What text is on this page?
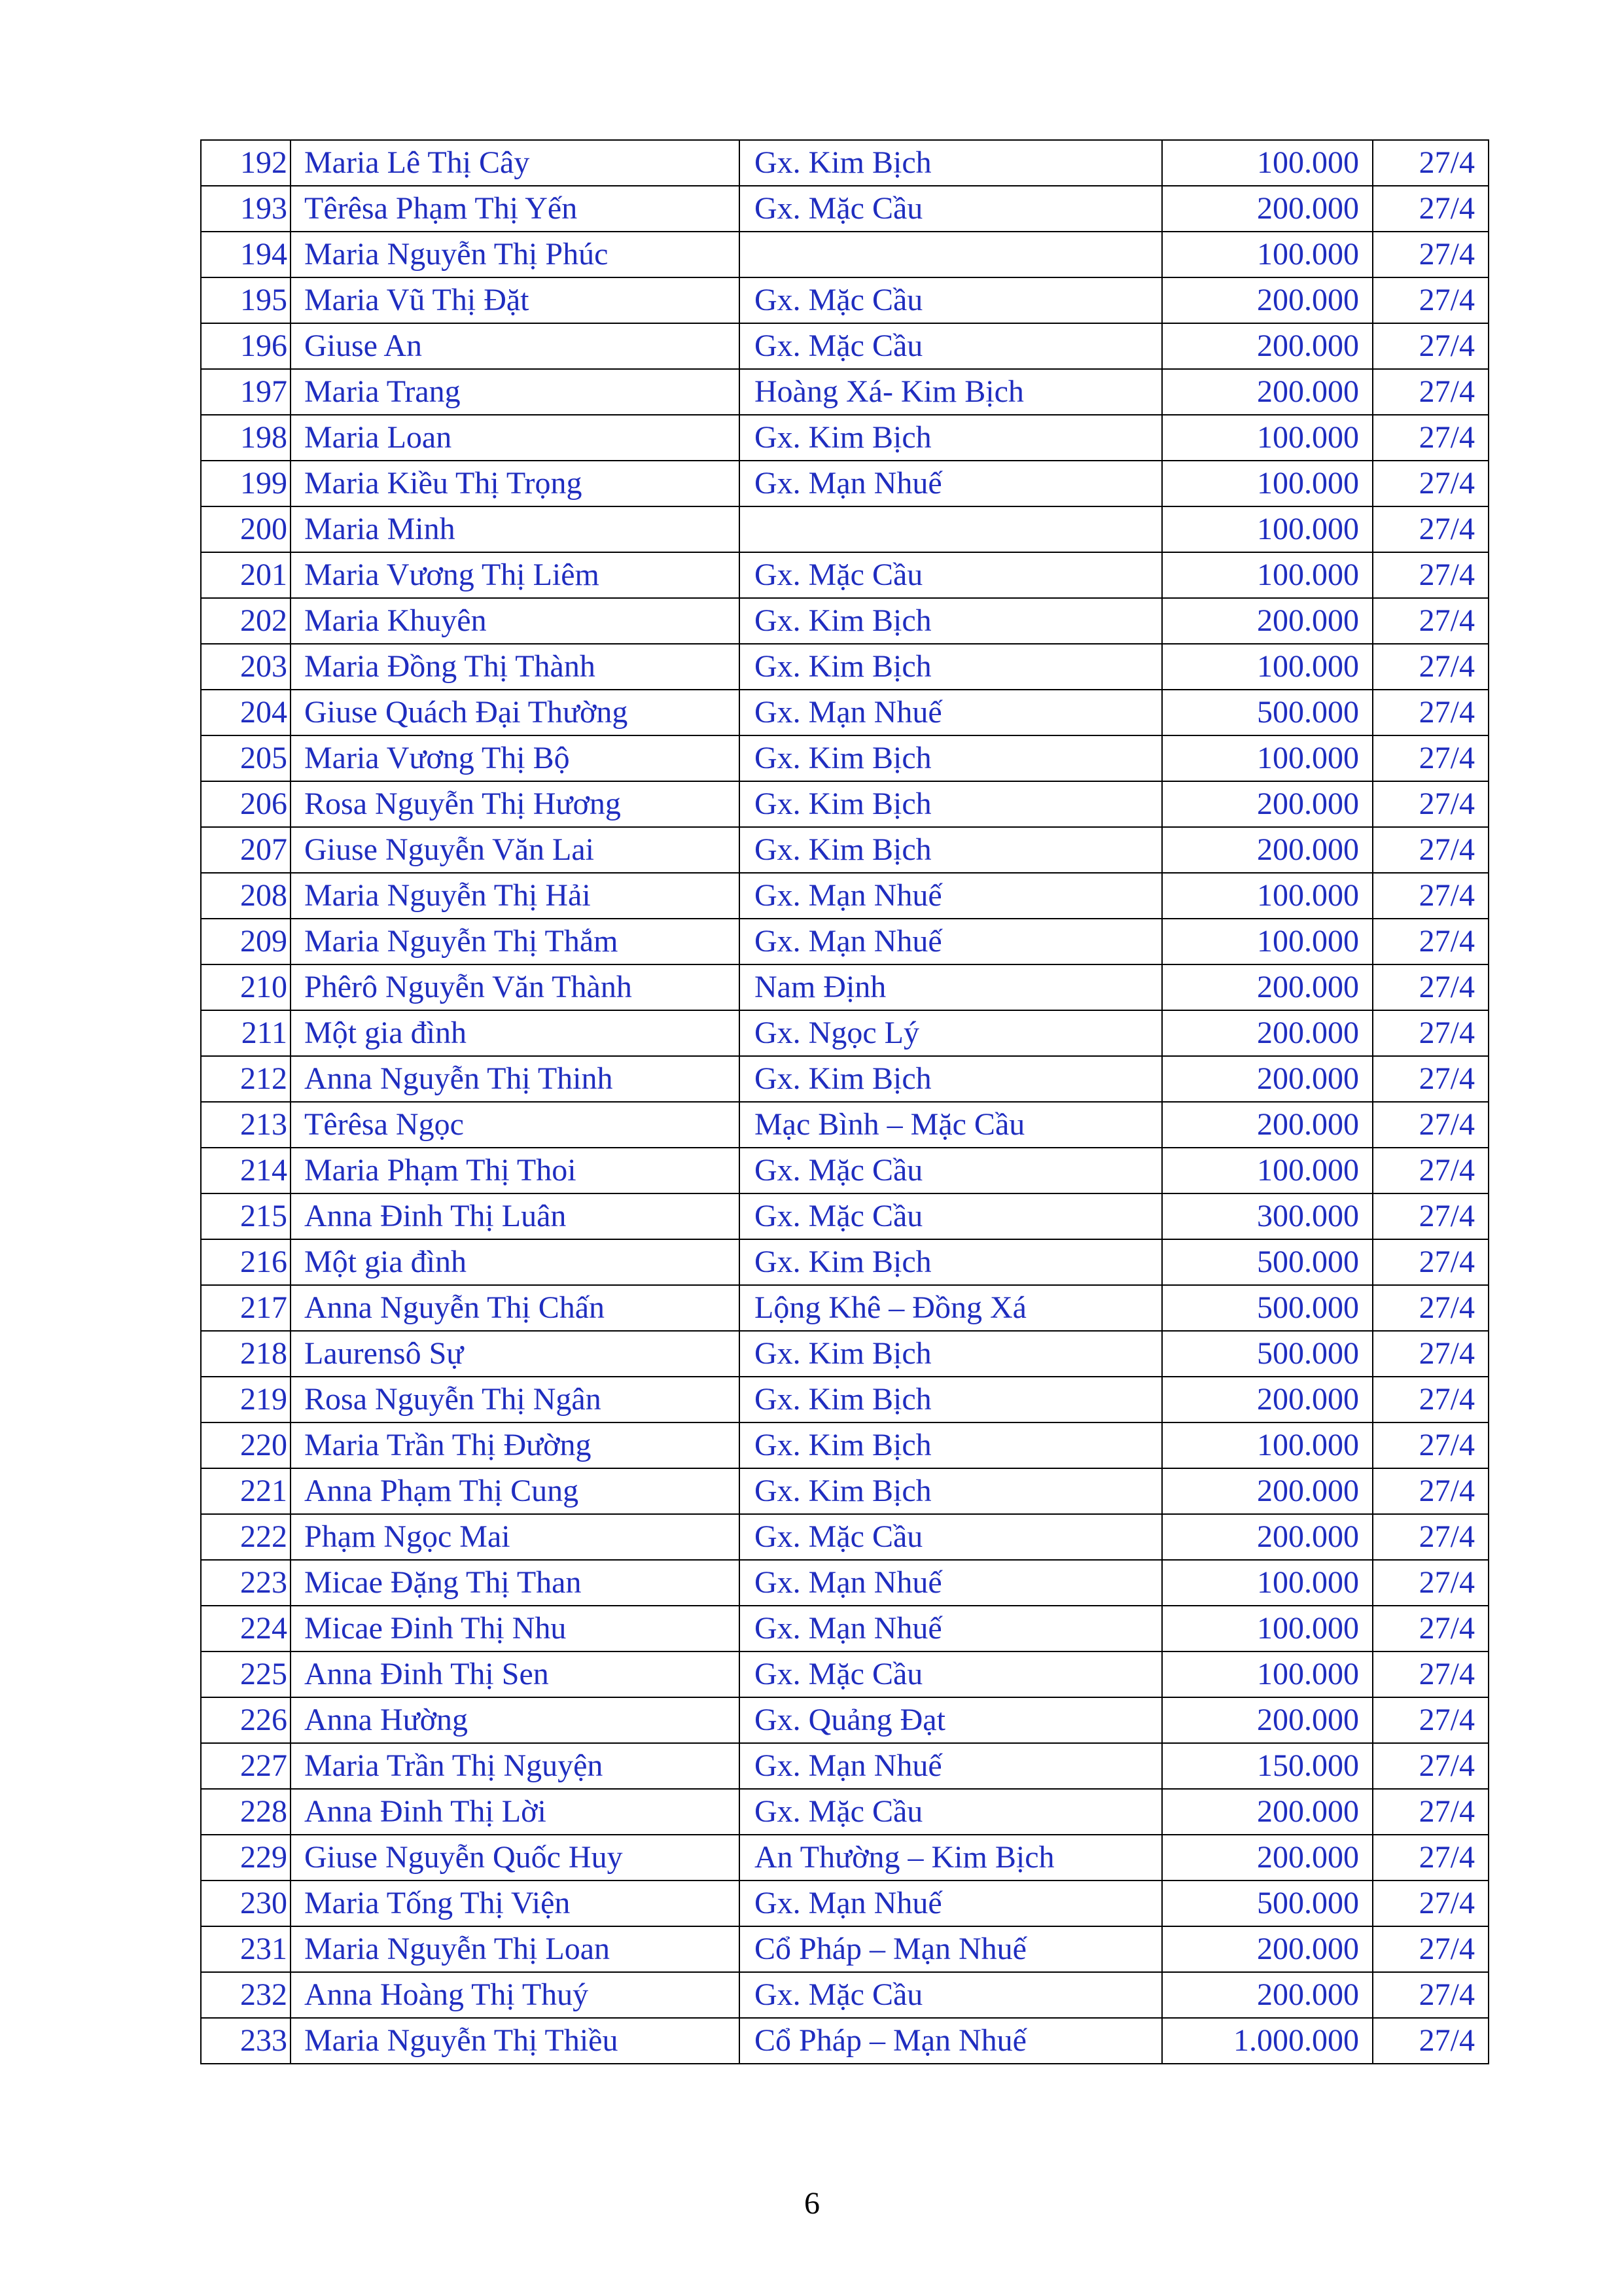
192	Maria Lê Thị Cây	Gx. Kim Bịch	100.000	27/4
193	Têrêsa Phạm Thị Yến	Gx. Mặc Cầu	200.000	27/4
194	Maria Nguyễn Thị Phúc		100.000	27/4
195	Maria Vũ Thị Đặt	Gx. Mặc Cầu	200.000	27/4
196	Giuse An	Gx. Mặc Cầu	200.000	27/4
197	Maria Trang	Hoàng Xá- Kim Bịch	200.000	27/4
198	Maria Loan	Gx. Kim Bịch	100.000	27/4
199	Maria Kiều Thị Trọng	Gx. Mạn Nhuế	100.000	27/4
200	Maria Minh		100.000	27/4
201	Maria Vương Thị Liêm	Gx. Mặc Cầu	100.000	27/4
202	Maria Khuyên	Gx. Kim Bịch	200.000	27/4
203	Maria Đồng Thị Thành	Gx. Kim Bịch	100.000	27/4
204	Giuse Quách Đại Thường	Gx. Mạn Nhuế	500.000	27/4
205	Maria Vương Thị Bộ	Gx. Kim Bịch	100.000	27/4
206	Rosa Nguyễn Thị Hương	Gx. Kim Bịch	200.000	27/4
207	Giuse Nguyễn Văn Lai	Gx. Kim Bịch	200.000	27/4
208	Maria Nguyễn Thị Hải	Gx. Mạn Nhuế	100.000	27/4
209	Maria Nguyễn Thị Thắm	Gx. Mạn Nhuế	100.000	27/4
210	Phêrô Nguyễn Văn Thành	Nam Định	200.000	27/4
211	Một gia đình	Gx. Ngọc Lý	200.000	27/4
212	Anna Nguyễn Thị Thinh	Gx. Kim Bịch	200.000	27/4
213	Têrêsa Ngọc	Mạc Bình – Mặc Cầu	200.000	27/4
214	Maria Phạm Thị Thoi	Gx. Mặc Cầu	100.000	27/4
215	Anna Đinh Thị Luân	Gx. Mặc Cầu	300.000	27/4
216	Một gia đình	Gx. Kim Bịch	500.000	27/4
217	Anna Nguyễn Thị Chấn	Lộng Khê – Đồng Xá	500.000	27/4
218	Laurensô Sự	Gx. Kim Bịch	500.000	27/4
219	Rosa Nguyễn Thị Ngân	Gx. Kim Bịch	200.000	27/4
220	Maria Trần Thị Đường	Gx. Kim Bịch	100.000	27/4
221	Anna Phạm Thị Cung	Gx. Kim Bịch	200.000	27/4
222	Phạm Ngọc Mai	Gx. Mặc Cầu	200.000	27/4
223	Micae Đặng Thị Than	Gx. Mạn Nhuế	100.000	27/4
224	Micae Đinh Thị Nhu	Gx. Mạn Nhuế	100.000	27/4
225	Anna Đinh Thị Sen	Gx. Mặc Cầu	100.000	27/4
226	Anna Hường	Gx. Quảng Đạt	200.000	27/4
227	Maria Trần Thị Nguyện	Gx. Mạn Nhuế	150.000	27/4
228	Anna Đinh Thị Lời	Gx. Mặc Cầu	200.000	27/4
229	Giuse Nguyễn Quốc Huy	An Thường – Kim Bịch	200.000	27/4
230	Maria Tống Thị Viện	Gx. Mạn Nhuế	500.000	27/4
231	Maria Nguyễn Thị Loan	Cổ Pháp – Mạn Nhuế	200.000	27/4
232	Anna Hoàng Thị Thuý	Gx. Mặc Cầu	200.000	27/4
233	Maria Nguyễn Thị Thiều	Cổ Pháp – Mạn Nhuế	1.000.000	27/4
6
